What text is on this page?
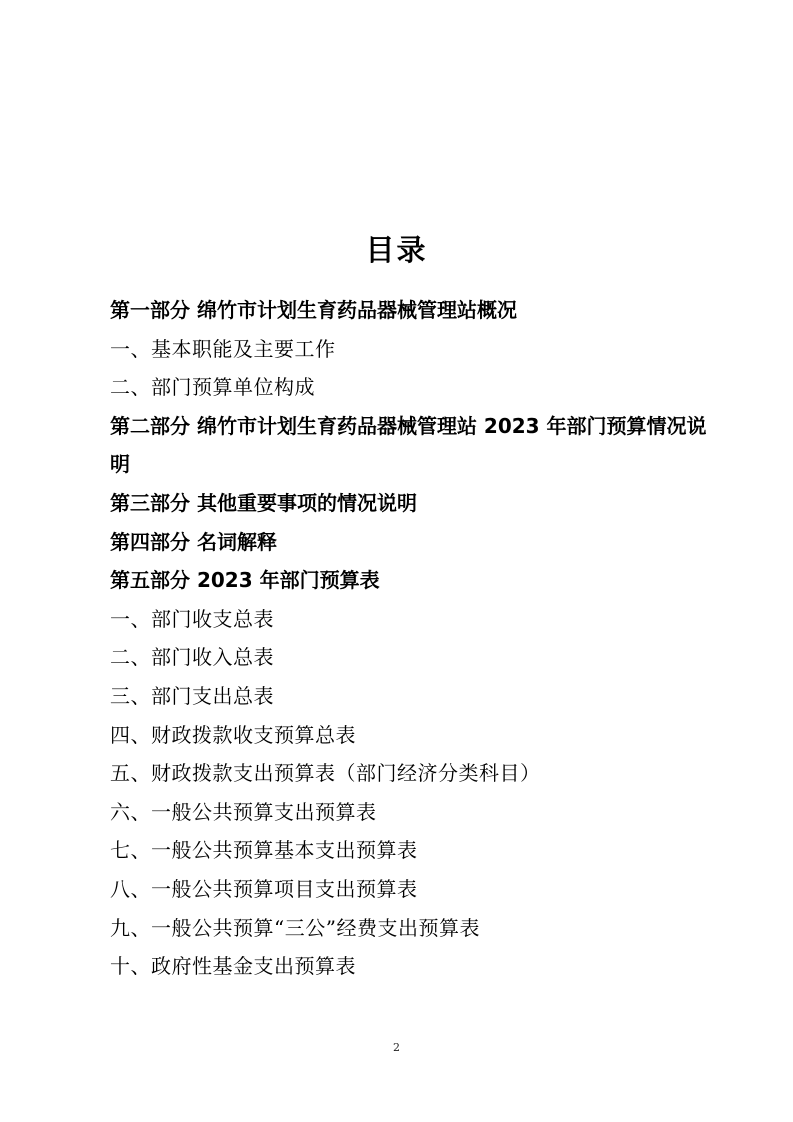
目录
第一部分 绵竹市计划生育药品器械管理站概况
一、基本职能及主要工作
二、部门预算单位构成
第二部分 绵竹市计划生育药品器械管理站 2023 年部门预算情况说明
第三部分 其他重要事项的情况说明
第四部分 名词解释
第五部分 2023 年部门预算表
一、部门收支总表
二、部门收入总表
三、部门支出总表
四、财政拨款收支预算总表
五、财政拨款支出预算表（部门经济分类科目）
六、一般公共预算支出预算表
七、一般公共预算基本支出预算表
八、一般公共预算项目支出预算表
九、一般公共预算“三公”经费支出预算表
十、政府性基金支出预算表
2
